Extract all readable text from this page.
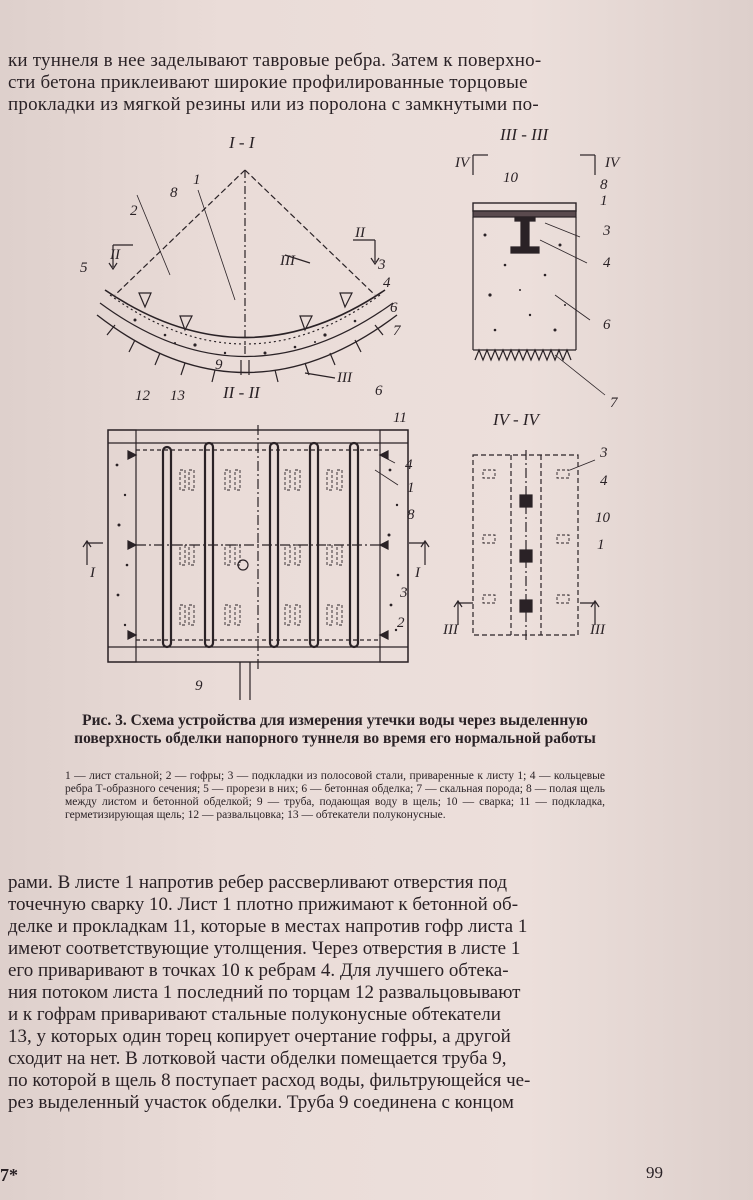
ки туннеля в нее заделывают тавровые ребра. Затем к поверхно-
сти бетона приклеивают широкие профилированные торцовые
прокладки из мягкой резины или из поролона с замкнутыми по-
I - I
II - II
III - III
IV - IV
8
1
2
5	3
4
6
7
9
II
II
III
III
IV	IV
10	8
1
3
4
6
7
12 13	6
11
4
1
8
3
2
9
I	I
3
4
10
1
III	III
Рис. 3. Схема устройства для измерения утечки воды через выделенную поверхность обделки напорного туннеля во время его нормальной работы
1 — лист стальной; 2 — гофры; 3 — подкладки из полосовой стали, приваренные к листу 1; 4 — кольцевые ребра Т-образного сечения; 5 — прорези в них; 6 — бетонная обделка; 7 — скальная порода; 8 — полая щель между листом и бетонной обделкой; 9 — труба, подающая воду в щель; 10 — сварка; 11 — подкладка, герметизирующая щель; 12 — развальцовка; 13 — обтекатели полуконусные.
рами. В листе 1 напротив ребер рассверливают отверстия под
точечную сварку 10. Лист 1 плотно прижимают к бетонной об-
делке и прокладкам 11, которые в местах напротив гофр листа 1
имеют соответствующие утолщения. Через отверстия в листе 1
его приваривают в точках 10 к ребрам 4. Для лучшего обтека-
ния потоком листа 1 последний по торцам 12 развальцовывают
и к гофрам приваривают стальные полуконусные обтекатели
13, у которых один торец копирует очертание гофры, а другой
сходит на нет. В лотковой части обделки помещается труба 9,
по которой в щель 8 поступает расход воды, фильтрующейся че-
рез выделенный участок обделки. Труба 9 соединена с концом
7*	99
